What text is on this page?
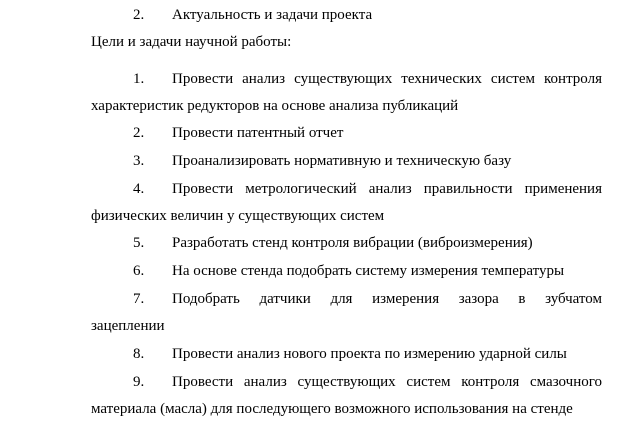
2.	Актуальность и задачи проекта
Цели и задачи научной работы:
1.	Провести анализ существующих технических систем контроля
характеристик редукторов на основе анализа публикаций
2.	Провести патентный отчет
3.	Проанализировать нормативную и техническую базу
4.	Провести метрологический анализ правильности применения
физических величин у существующих систем
5.	Разработать стенд контроля вибрации (виброизмерения)
6.	На основе стенда подобрать систему измерения температуры
7.	Подобрать датчики для измерения зазора в зубчатом
зацеплении
8.	Провести анализ нового проекта по измерению ударной силы
9.	Провести анализ существующих систем контроля смазочного
материала (масла) для последующего возможного использования на стенде
